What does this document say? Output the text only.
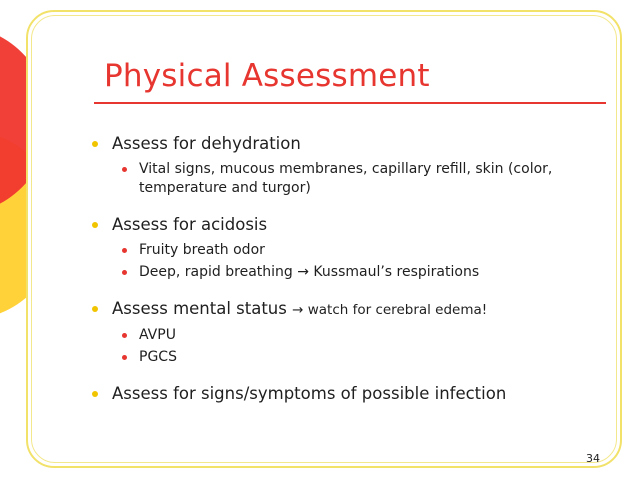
Physical Assessment
Assess for dehydration
Vital signs, mucous membranes, capillary refill, skin (color, temperature and turgor)
Assess for acidosis
Fruity breath odor
Deep, rapid breathing → Kussmaul’s respirations
Assess mental status → watch for cerebral edema!
AVPU
PGCS
Assess for signs/symptoms of possible infection
34
